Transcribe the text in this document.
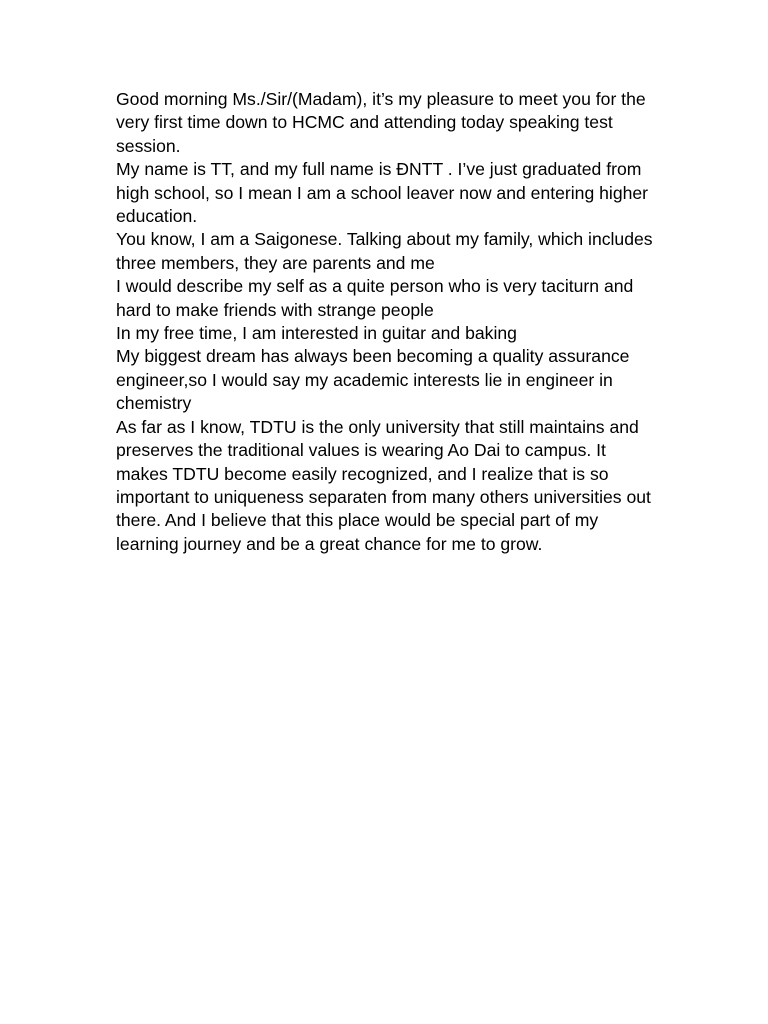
Good morning Ms./Sir/(Madam), it’s my pleasure to meet you for the very first time down to HCMC and attending today speaking test session.

My name is TT, and my full name is ĐNTT . I’ve just graduated from high school, so I mean I am a school leaver now and entering higher education.

You know, I am a Saigonese. Talking about my family, which includes three members, they are parents and me

I would describe my self as a quite person who is very taciturn and hard to make friends with strange people

In my free time, I am interested in guitar and baking

My biggest dream has always been becoming a quality assurance engineer,so I would say my academic interests lie in engineer in chemistry

As far as I know, TDTU is the only university that still maintains and preserves the traditional values is wearing Ao Dai to campus. It makes TDTU become easily recognized, and I realize that is so important to uniqueness separaten from many others universities out there. And I believe that this place would be special part of my learning journey and be a great chance for me to grow.
